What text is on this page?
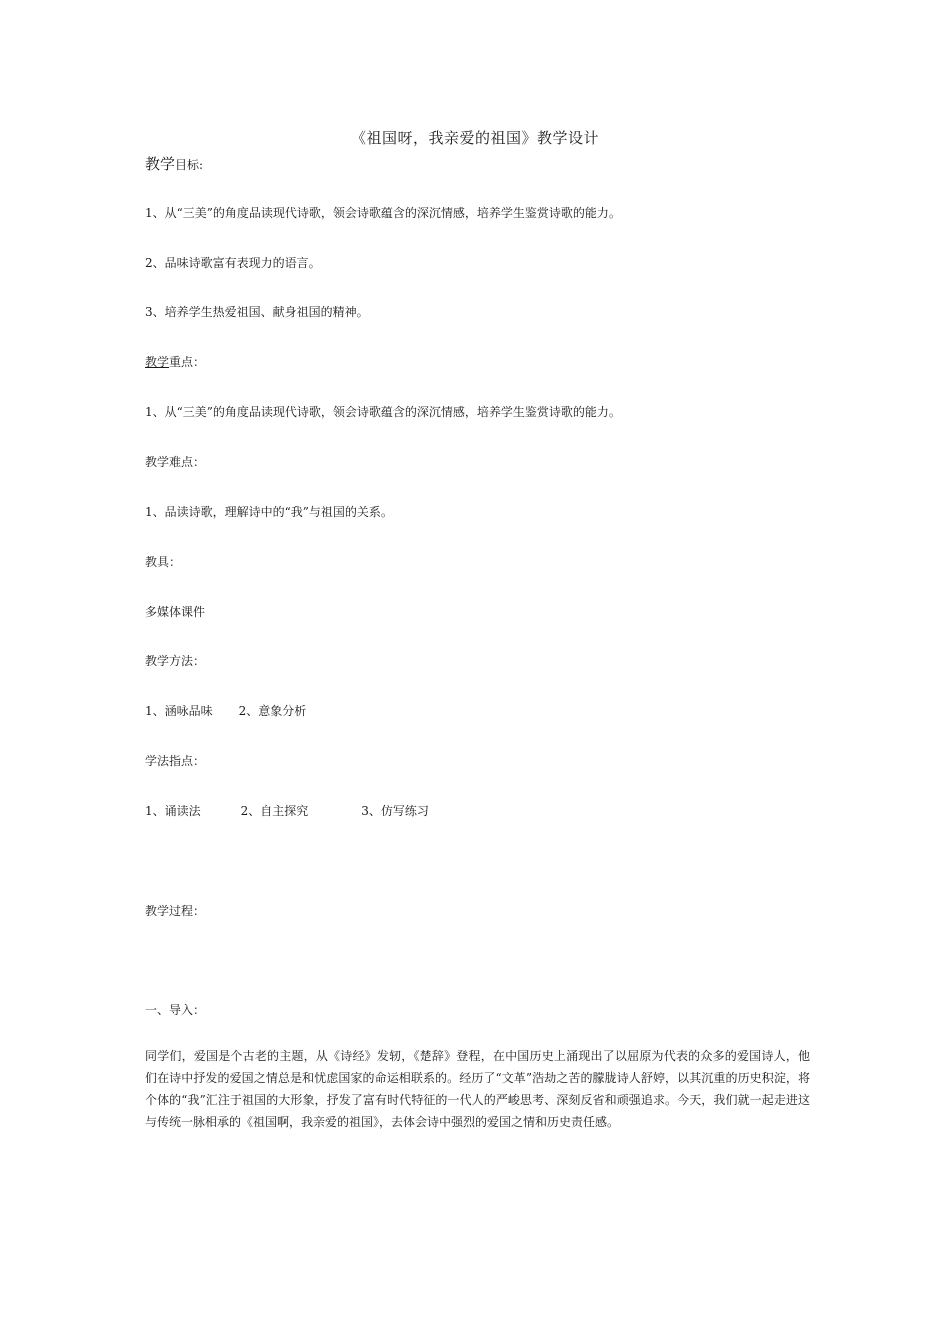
《祖国呀，我亲爱的祖国》教学设计
教学目标:
1、从“三美”的角度品读现代诗歌，领会诗歌蕴含的深沉情感，培养学生鉴赏诗歌的能力。
2、品味诗歌富有表现力的语言。
3、培养学生热爱祖国、献身祖国的精神。
教学重点：
1、从“三美”的角度品读现代诗歌，领会诗歌蕴含的深沉情感，培养学生鉴赏诗歌的能力。
教学难点：
1、品读诗歌，理解诗中的“我”与祖国的关系。
教具：
多媒体课件
教学方法：
1、涵咏品味 2、意象分析
学法指点：
1、诵读法	2、自主探究	3、仿写练习
教学过程：
一、导入：
同学们，爱国是个古老的主题，从《诗经》发轫，《楚辞》登程，在中国历史上涌现出了以屈原为代表的众多的爱国诗人，他们在诗中抒发的爱国之情总是和忧虑国家的命运相联系的。经历了“文革”浩劫之苦的朦胧诗人舒婷，以其沉重的历史积淀，将个体的“我”汇注于祖国的大形象，抒发了富有时代特征的一代人的严峻思考、深刻反省和顽强追求。今天，我们就一起走进这与传统一脉相承的《祖国啊，我亲爱的祖国》，去体会诗中强烈的爱国之情和历史责任感。
